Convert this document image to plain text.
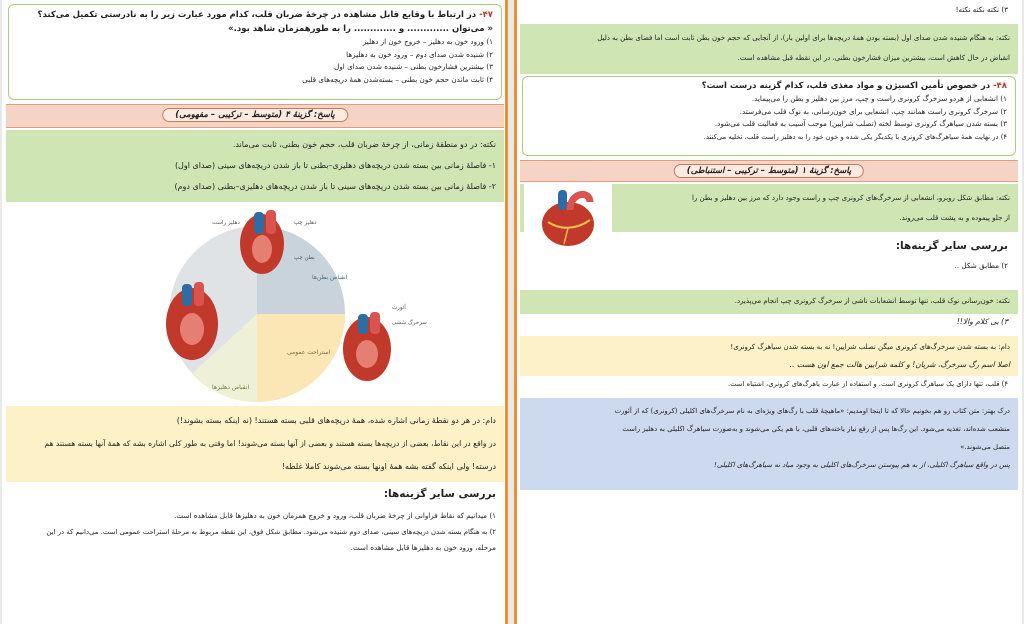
۴۷- در ارتباط با وقایع قابل مشاهده در چرخهٔ ضربان قلب، کدام مورد عبارت زیر را به نادرستی تکمیل می‌کند؟

« می‌توان ............. و ............. را به طورهمزمان شاهد بود.»

۱) ورود خون به دهلیز – خروج خون از دهلیز

۲) شنیده شدن صدای دوم – ورود خون به دهلیزها

۳) بیشترین فشارخون بطنی – شنیده شدن صدای اول

۴) ثابت ماندن حجم خون بطنی – بسته‌شدن همهٔ دریچه‌های قلبی

پاسخ: گزینهٔ ۴ (متوسط – ترکیبی – مفهومی)

نکته: در دو منطقهٔ زمانی، از چرخهٔ ضربان قلب، حجم خون بطنی، ثابت می‌ماند.

۱- فاصلهٔ زمانی بین بسته شدن دریچه‌های دهلیزی–بطنی تا باز شدن دریچه‌های سینی (صدای اول)

۲- فاصلهٔ زمانی بین بسته شدن دریچه‌های سینی تا باز شدن دریچه‌های دهلیزی–بطنی (صدای دوم)

انقباض بطن‌ها
استراحت عمومی
انقباض دهلیزها
دهلیز چپ
دهلیز راست
بطن چپ
آئورت
سرخرگ ششی

دام: در هر دو نقطهٔ زمانی اشاره شده، همهٔ دریچه‌های قلبی بسته هستند! (نه اینکه بسته بشوند!)

در واقع در این نقاط، بعضی از دریچه‌ها بسته هستند و بعضی از آنها بسته می‌شوند! اما وقتی به طور کلی اشاره بشه که همهٔ آنها بسته هستند هم

درسته! ولی اینکه گفته بشه همهٔ اونها بسته می‌شوند کاملا غلطه!

بررسی سایر گزینه‌ها:

۱) میدانیم که نقاط فراوانی از چرخهٔ ضربان قلب، ورود و خروج همزمان خون به دهلیزها قابل مشاهده است.

۲) به هنگام بسته شدن دریچه‌های سینی، صدای دوم شنیده می‌شود. مطابق شکل فوق، این نقطه مربوط به مرحلهٔ استراحت عمومی است. می‌دانیم که در این

مرحله، ورود خون به دهلیزها قابل مشاهده است.

۳) نکته نکته نکته!

نکته: به هنگام شنیده شدن صدای اول (بسته بودن همهٔ دریچه‌ها برای اولین بار)، از آنجایی که حجم خون بطن ثابت است اما فضای بطن به دلیل

انقباض در حال کاهش است، بیشترین میزان فشارخون بطنی، در این نقطه قبل مشاهده است.

۴۸- در خصوص تأمین اکسیژن و مواد مغذی قلب، کدام گزینه درست است؟

۱) انشعابی از هردو سرخرگ کرونری راست و چپ، مرز بین دهلیز و بطن را می‌پیماید.

۲) سرخرگ کرونری راست همانند چپ، انشعابی برای خون‌رسانی، به نوک قلب می‌فرستد.

۳) بسته شدن سیاهرگ کرونری توسط لخته (تصلب شرایین) موجب آسیب به فعالیت قلب می‌شود.

۴) در نهایت همهٔ سیاهرگ‌های کرونری با یکدیگر یکی شده و خون خود را به دهلیز راست قلب، تخلیه می‌کنند.

پاسخ: گزینهٔ ۱ (متوسط – ترکیبی – استنباطی)

نکته: مطابق شکل روبرو، انشعابی از سرخرگ‌های کرونری چپ و راست وجود دارد که مرز بین دهلیز و بطن را

از جلو پیموده و به پشت قلب می‌روند.

بررسی سایر گزینه‌ها:

۲) مطابق شکل ..

نکته: خون‌رسانی نوک قلب، تنها توسط انشعابات ناشی از سرخرگ کرونری چپ انجام می‌پذیرد.

۳) بی کلام والا!!

دام: به بسته شدن سرخرگ‌های کرونری میگن تصلب شرایین! نه به بسته شدن سیاهرگ کرونری!

اصلا اسم رگ سرخرگ، شریان! و کلمه شرایین هالت جمع اون هست ..

۴) قلب، تنها دارای یک سیاهرگ کرونری است. و استفاده از عبارت یاهرگ‌های کرونری، اشتباه است.

درک بهتر: متن کتاب رو هم بخونیم حالا که تا اینجا اومدیم: «ماهیچهٔ قلب با رگ‌های ویژه‌ای به نام سرخرگ‌های اکلیلی (کرونری) که از آئورت

منشعب شده‌اند، تغذیه می‌شود. این رگ‌ها پس از رفع نیاز یاخته‌های قلبی، با هم یکی می‌شوند و به‌صورت سیاهرگ اکلیلی به دهلیز راست

متصل می‌شوند.»

پس در واقع سیاهرگ اکلیلی، از به هم پیوستن سرخرگ‌های اکلیلی به وجود میاد نه سیاهرگ‌های اکلیلی!
